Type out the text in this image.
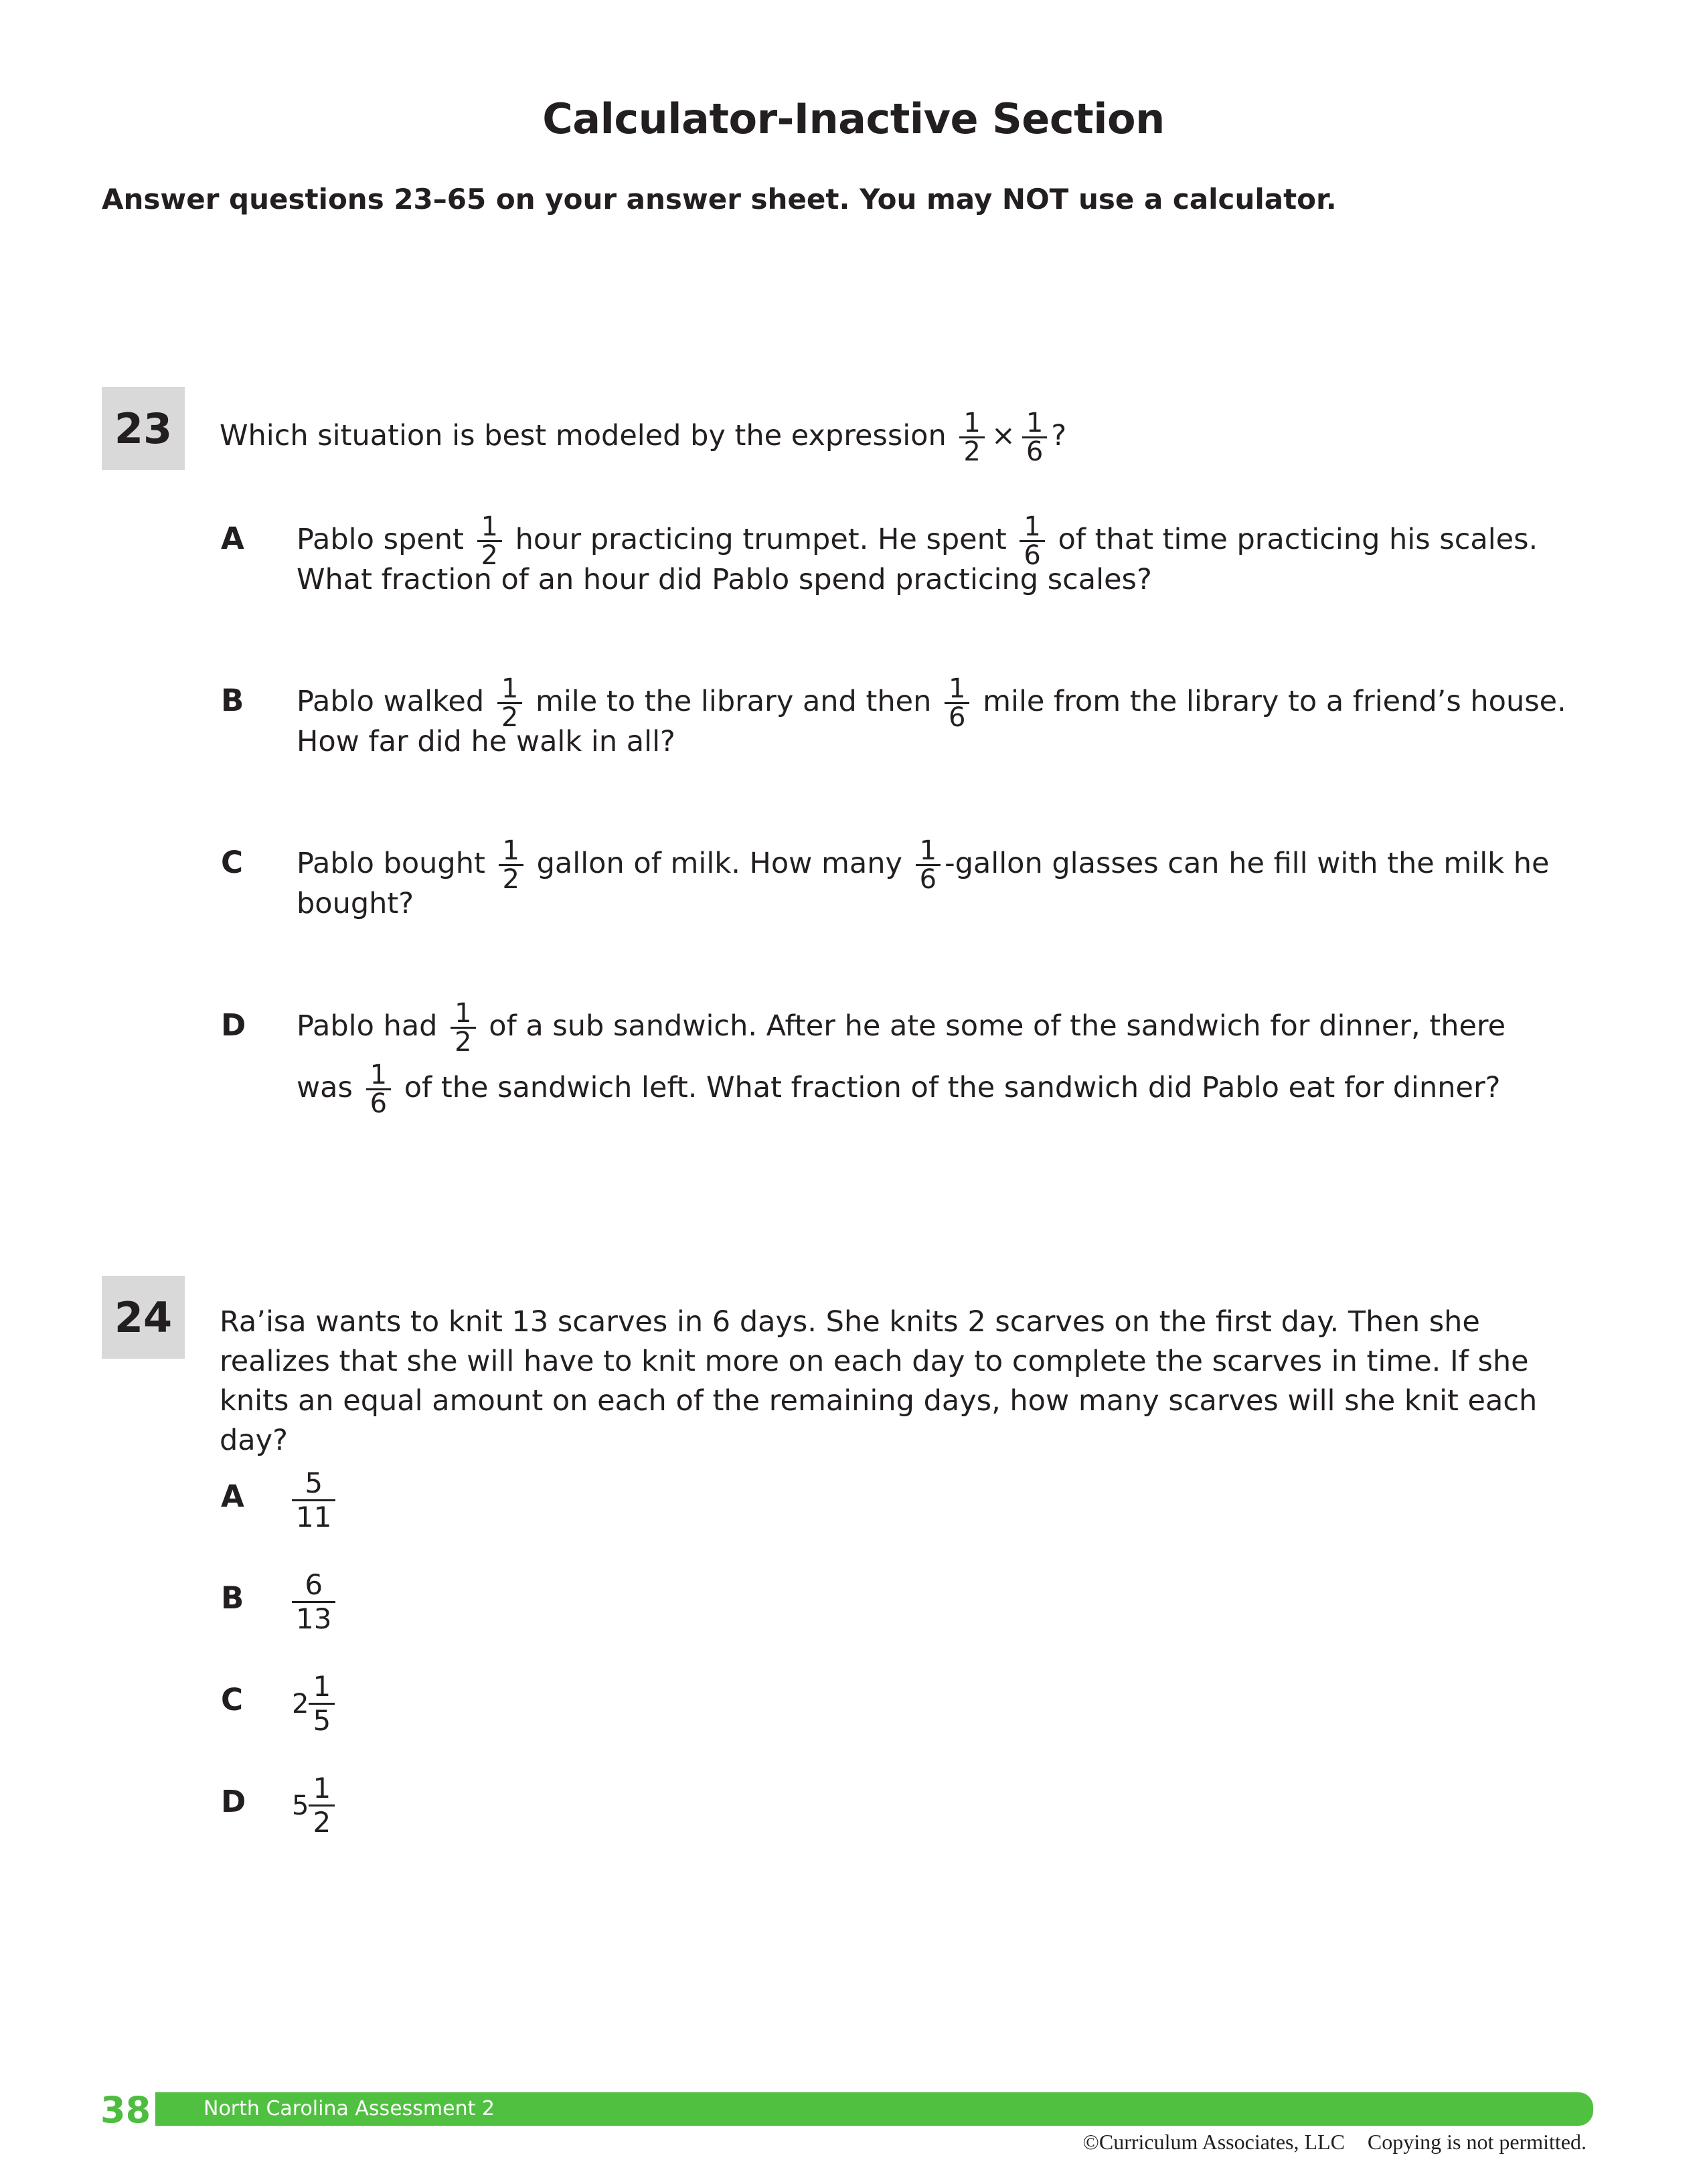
Calculator-Inactive Section
Answer questions 23–65 on your answer sheet. You may NOT use a calculator.
23	Which situation is best modeled by the expression $\frac{1}{2} \times \frac{1}{6}$ ?
A	Pablo spent $\frac{1}{2}$ hour practicing trumpet. He spent $\frac{1}{6}$ of that time practicing his scales.
What fraction of an hour did Pablo spend practicing scales?
B	Pablo walked $\frac{1}{2}$ mile to the library and then $\frac{1}{6}$ mile from the library to a friend’s house.
How far did he walk in all?
C	Pablo bought $\frac{1}{2}$ gallon of milk. How many $\frac{1}{6}$ -gallon glasses can he fill with the milk he
bought?
D	Pablo had $\frac{1}{2}$ of a sub sandwich. After he ate some of the sandwich for dinner, there
was $\frac{1}{6}$ of the sandwich left. What fraction of the sandwich did Pablo eat for dinner?
24	Ra’isa wants to knit 13 scarves in 6 days. She knits 2 scarves on the first day. Then she realizes that she will have to knit more on each day to complete the scarves in time. If she knits an equal amount on each of the remaining days, how many scarves will she knit each day?
A	$\frac{5}{11}$
B	$\frac{6}{13}$
C	$2 \frac{1}{5}$
D	$5 \frac{1}{2}$
38	North Carolina Assessment 2
©Curriculum Associates, LLC Copying is not permitted.
